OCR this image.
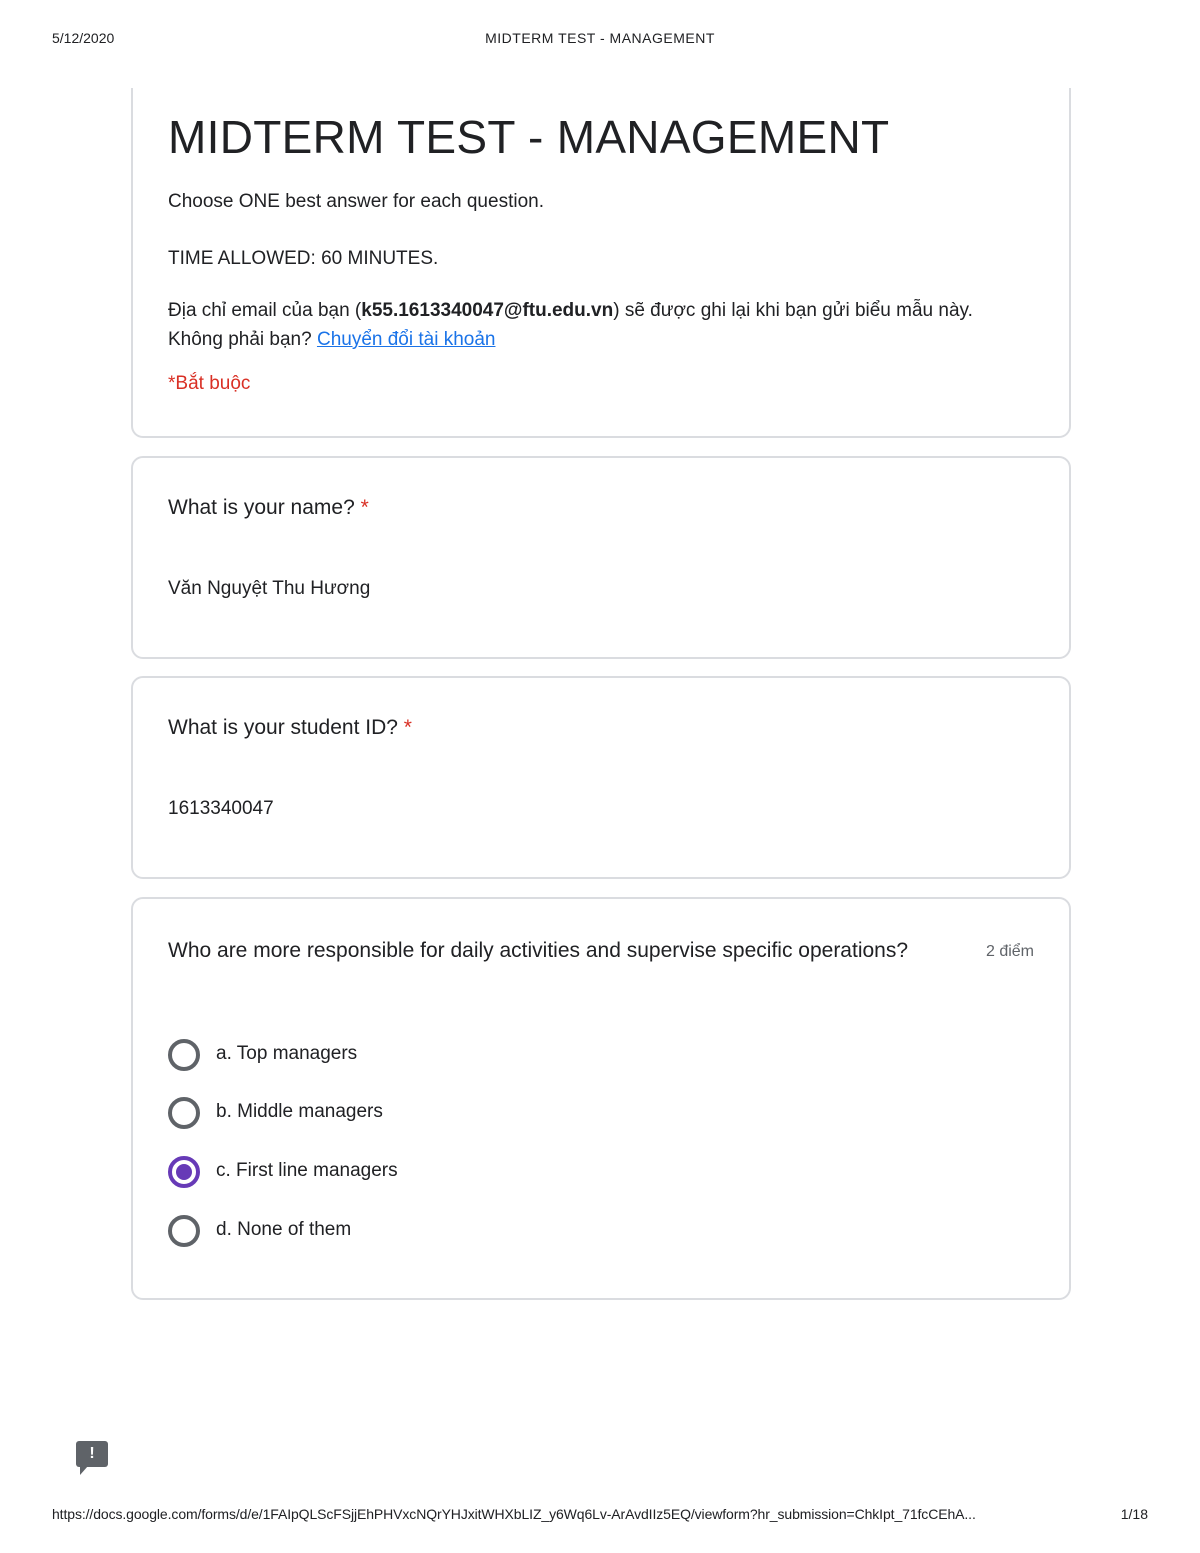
5/12/2020	MIDTERM TEST - MANAGEMENT
MIDTERM TEST - MANAGEMENT
Choose ONE best answer for each question.
TIME ALLOWED: 60 MINUTES.
Địa chỉ email của bạn (k55.1613340047@ftu.edu.vn) sẽ được ghi lại khi bạn gửi biểu mẫu này. Không phải bạn? Chuyển đổi tài khoản
*Bắt buộc
What is your name? *
Văn Nguyệt Thu Hương
What is your student ID? *
1613340047
Who are more responsible for daily activities and supervise specific operations?	2 điểm
a. Top managers
b. Middle managers
c. First line managers
d. None of them
!
https://docs.google.com/forms/d/e/1FAIpQLScFSjjEhPHVxcNQrYHJxitWHXbLIZ_y6Wq6Lv-ArAvdIIz5EQ/viewform?hr_submission=ChkIpt_71fcCEhA...	1/18
